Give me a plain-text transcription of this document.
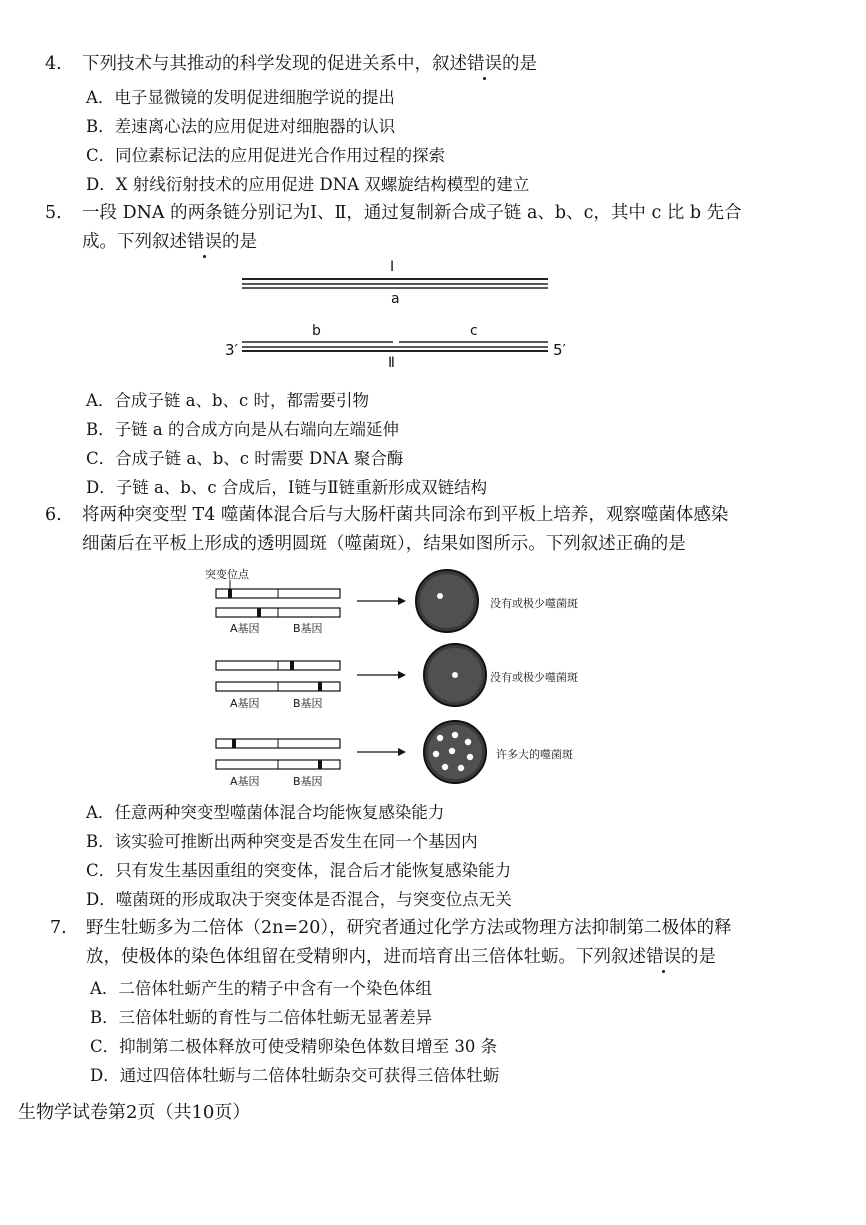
4. 下列技术与其推动的科学发现的促进关系中，叙述错误的是
A．电子显微镜的发明促进细胞学说的提出
B．差速离心法的应用促进对细胞器的认识
C．同位素标记法的应用促进光合作用过程的探索
D．X 射线衍射技术的应用促进 DNA 双螺旋结构模型的建立
5. 一段 DNA 的两条链分别记为Ⅰ、Ⅱ，通过复制新合成子链 a、b、c，其中 c 比 b 先合
成。下列叙述错误的是
Ⅰ
a
b	c
3′	5′
Ⅱ
A．合成子链 a、b、c 时，都需要引物
B．子链 a 的合成方向是从右端向左端延伸
C．合成子链 a、b、c 时需要 DNA 聚合酶
D．子链 a、b、c 合成后，Ⅰ链与Ⅱ链重新形成双链结构
6. 将两种突变型 T4 噬菌体混合后与大肠杆菌共同涂布到平板上培养，观察噬菌体感染
细菌后在平板上形成的透明圆斑（噬菌斑），结果如图所示。下列叙述正确的是
突变位点
A基因	B基因
没有或极少噬菌斑
A基因	B基因
没有或极少噬菌斑
A基因	B基因
许多大的噬菌斑
A．任意两种突变型噬菌体混合均能恢复感染能力
B．该实验可推断出两种突变是否发生在同一个基因内
C．只有发生基因重组的突变体，混合后才能恢复感染能力
D．噬菌斑的形成取决于突变体是否混合，与突变位点无关
7. 野生牡蛎多为二倍体（2n=20），研究者通过化学方法或物理方法抑制第二极体的释
放，使极体的染色体组留在受精卵内，进而培育出三倍体牡蛎。下列叙述错误的是
A．二倍体牡蛎产生的精子中含有一个染色体组
B．三倍体牡蛎的育性与二倍体牡蛎无显著差异
C．抑制第二极体释放可使受精卵染色体数目增至 30 条
D．通过四倍体牡蛎与二倍体牡蛎杂交可获得三倍体牡蛎
生物学试卷第2页（共10页）
